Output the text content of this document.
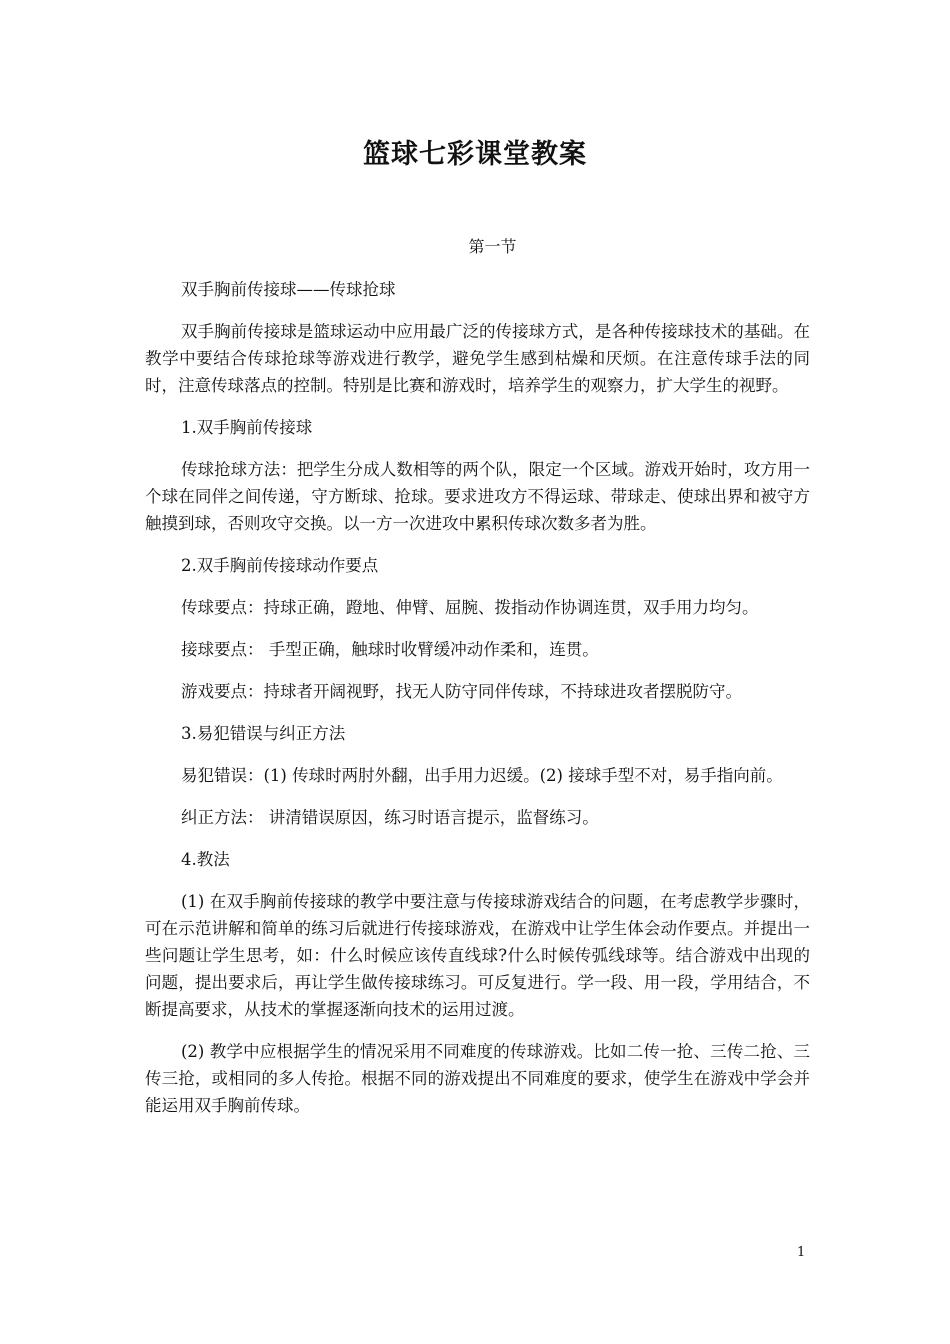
篮球七彩课堂教案
第一节

双手胸前传接球——传球抢球

双手胸前传接球是篮球运动中应用最广泛的传接球方式，是各种传接球技术的基础。在教学中要结合传球抢球等游戏进行教学，避免学生感到枯燥和厌烦。在注意传球手法的同时，注意传球落点的控制。特别是比赛和游戏时，培养学生的观察力，扩大学生的视野。

1.双手胸前传接球

传球抢球方法：把学生分成人数相等的两个队，限定一个区域。游戏开始时，攻方用一个球在同伴之间传递，守方断球、抢球。要求进攻方不得运球、带球走、使球出界和被守方触摸到球，否则攻守交换。以一方一次进攻中累积传球次数多者为胜。

2.双手胸前传接球动作要点

传球要点：持球正确，蹬地、伸臂、屈腕、拨指动作协调连贯，双手用力均匀。

接球要点： 手型正确，触球时收臂缓冲动作柔和，连贯。

游戏要点：持球者开阔视野，找无人防守同伴传球，不持球进攻者摆脱防守。

3.易犯错误与纠正方法

易犯错误：(1) 传球时两肘外翻，出手用力迟缓。(2) 接球手型不对，易手指向前。

纠正方法： 讲清错误原因，练习时语言提示，监督练习。

4.教法

(1) 在双手胸前传接球的教学中要注意与传接球游戏结合的问题，在考虑教学步骤时，可在示范讲解和简单的练习后就进行传接球游戏，在游戏中让学生体会动作要点。并提出一些问题让学生思考，如：什么时候应该传直线球?什么时候传弧线球等。结合游戏中出现的问题，提出要求后，再让学生做传接球练习。可反复进行。学一段、用一段，学用结合，不断提高要求，从技术的掌握逐渐向技术的运用过渡。

(2) 教学中应根据学生的情况采用不同难度的传球游戏。比如二传一抢、三传二抢、三传三抢，或相同的多人传抢。根据不同的游戏提出不同难度的要求，使学生在游戏中学会并能运用双手胸前传球。

1
